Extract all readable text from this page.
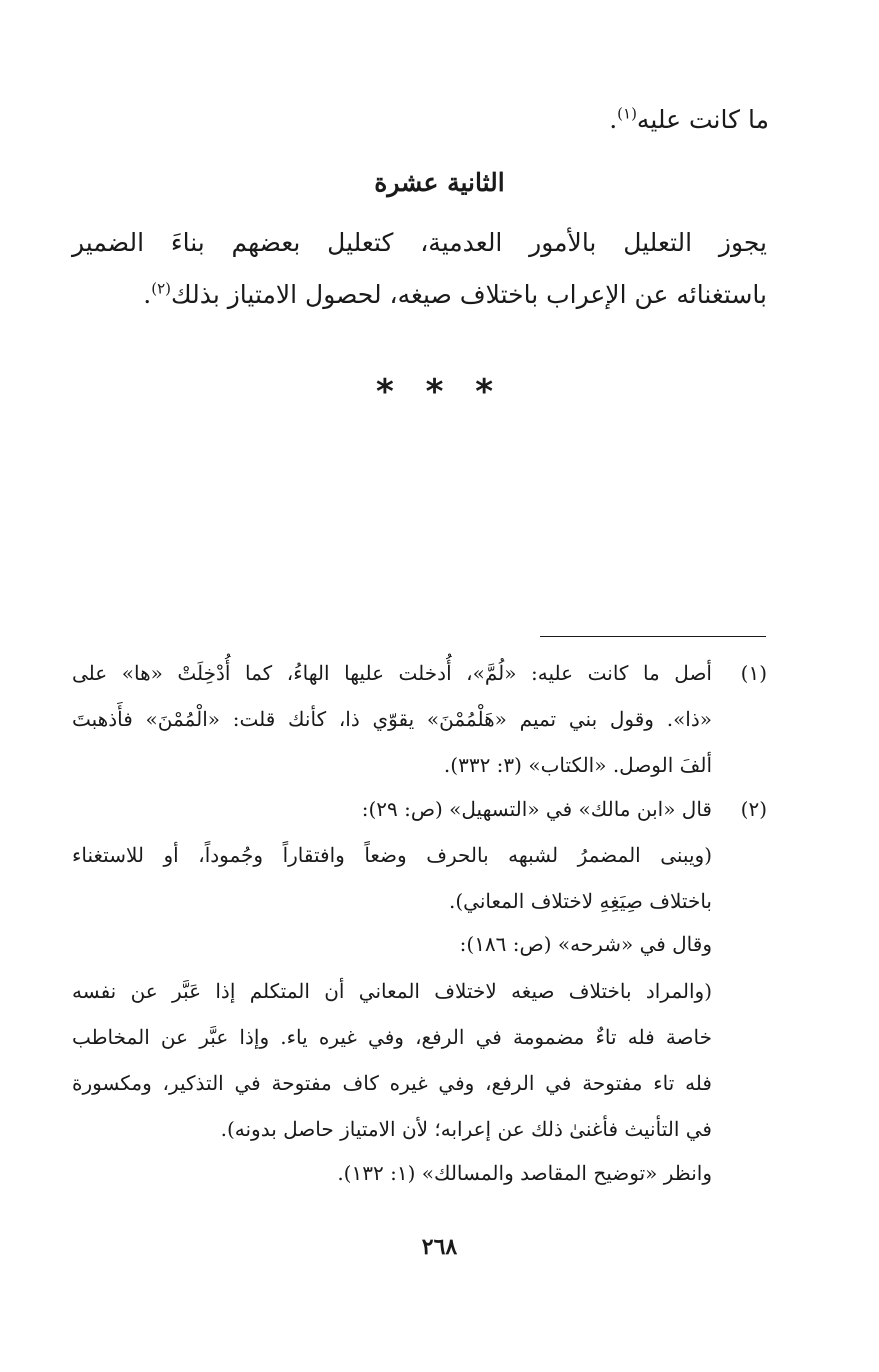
ما كانت عليه$^{(١)}$.
الثانية عشرة
يجوز التعليل بالأمور العدمية، كتعليل بعضهم بناءَ الضمير
باستغنائه عن الإعراب باختلاف صيغه، لحصول الامتياز بذلك$^{(٢)}$.
* * *
(١)
أصل ما كانت عليه: «لُمَّ»، أُدخلت عليها الهاءُ، كما أُدْخِلَتْ «ها» على
«ذا». وقول بني تميم «هَلْمُمْنَ» يقوّي ذا، كأنك قلت: «الْمُمْنَ» فأَذهبتَ
ألفَ الوصل. «الكتاب» (٣: ٣٣٢).
(٢)
قال «ابن مالك» في «التسهيل» (ص: ٢٩):
(ويبنى المضمرُ لشبهه بالحرف وضعاً وافتقاراً وجُموداً، أو للاستغناء
باختلاف صِيَغِهِ لاختلاف المعاني).
وقال في «شرحه» (ص: ١٨٦):
(والمراد باختلاف صيغه لاختلاف المعاني أن المتكلم إذا عَبَّر عن نفسه
خاصة فله تاءٌ مضمومة في الرفع، وفي غيره ياء. وإذا عبَّر عن المخاطب
فله تاء مفتوحة في الرفع، وفي غيره كاف مفتوحة في التذكير، ومكسورة
في التأنيث فأغنىٰ ذلك عن إعرابه؛ لأن الامتياز حاصل بدونه).
وانظر «توضيح المقاصد والمسالك» (١: ١٣٢).
٢٦٨
